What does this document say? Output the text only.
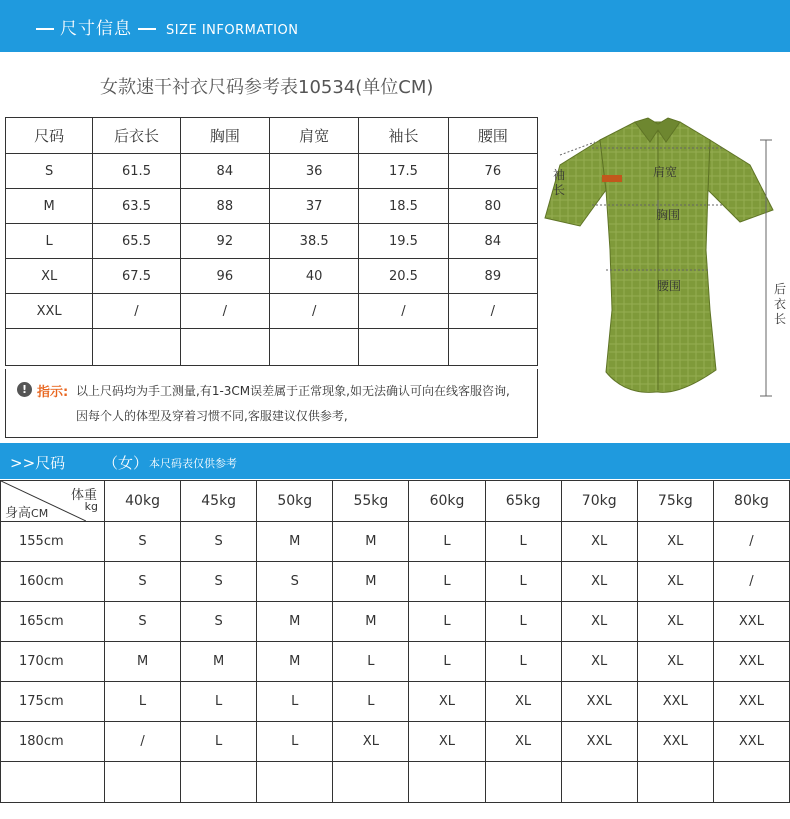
尺寸信息	SIZE INFORMATION
女款速干衬衣尺码参考表10534(单位CM)
尺码	后衣长	胸围	肩宽	袖长	腰围
S	61.5	84	36	17.5	76
M	63.5	88	37	18.5	80
L	65.5	92	38.5	19.5	84
XL	67.5	96	40	20.5	89
XXL	/	/	/	/	/

! 指示: 以上尺码均为手工测量,有1-3CM误差属于正常现象,如无法确认可向在线客服咨询,
因每个人的体型及穿着习惯不同,客服建议仅供参考,
肩宽
胸围
腰围
袖长
后衣长
>>尺码	（女） 本尺码表仅供参考
体重
kg
身高CM	40kg	45kg	50kg	55kg	60kg	65kg	70kg	75kg	80kg
155cm	S	S	M	M	L	L	XL	XL	/
160cm	S	S	S	M	L	L	XL	XL	/
165cm	S	S	M	M	L	L	XL	XL	XXL
170cm	M	M	M	L	L	L	XL	XL	XXL
175cm	L	L	L	L	XL	XL	XXL	XXL	XXL
180cm	/	L	L	XL	XL	XL	XXL	XXL	XXL
